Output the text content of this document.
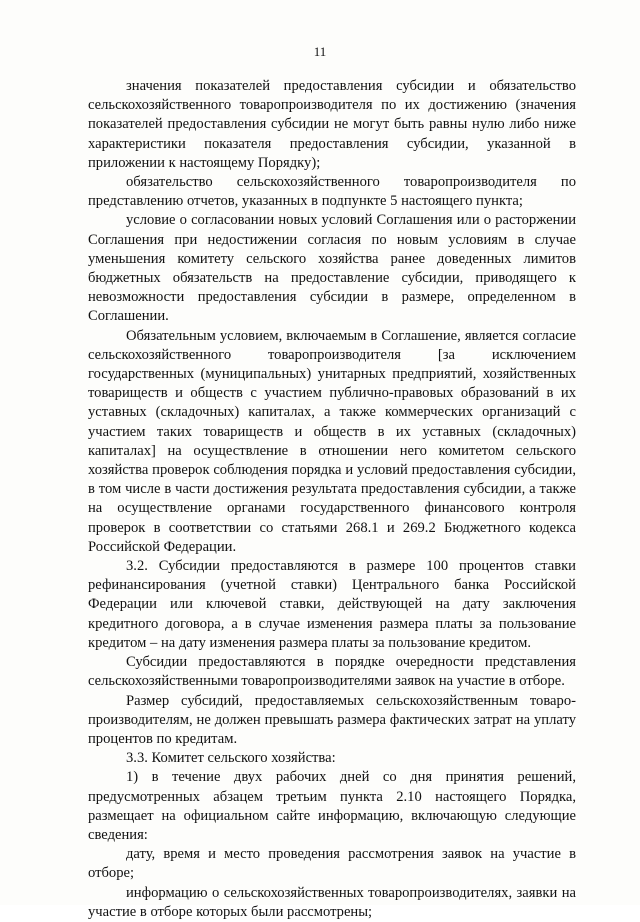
11

значения показателей предоставления субсидии и обязательство сельскохозяйственного товаропроизводителя по их достижению (значения показателей предоставления субсидии не могут быть равны нулю либо ниже характеристики показателя предоставления субсидии, указанной в приложении к настоящему Порядку);

обязательство сельскохозяйственного товаропроизводителя по представлению отчетов, указанных в подпункте 5 настоящего пункта;

условие о согласовании новых условий Соглашения или о расторжении Соглашения при недостижении согласия по новым условиям в случае уменьшения комитету сельского хозяйства ранее доведенных лимитов бюджетных обязательств на предоставление субсидии, приводящего к невозможности предоставления субсидии в размере, определенном в Соглашении.

Обязательным условием, включаемым в Соглашение, является согласие сельскохозяйственного товаропроизводителя [за исключением государственных (муниципальных) унитарных предприятий, хозяйственных товариществ и обществ с участием публично-правовых образований в их уставных (складочных) капиталах, а также коммерческих организаций с участием таких товариществ и обществ в их уставных (складочных) капиталах] на осуществление в отношении него комитетом сельского хозяйства проверок соблюдения порядка и условий предоставления субсидии, в том числе в части достижения результата предоставления субсидии, а также на осуществление органами государственного финансового контроля проверок в соответствии со статьями 268.1 и 269.2 Бюджетного кодекса Российской Федерации.

3.2. Субсидии предоставляются в размере 100 процентов ставки рефинансирования (учетной ставки) Центрального банка Российской Федерации или ключевой ставки, действующей на дату заключения кредитного договора, а в случае изменения размера платы за пользование кредитом – на дату изменения размера платы за пользование кредитом.

Субсидии предоставляются в порядке очередности представления сельскохозяйственными товаропроизводителями заявок на участие в отборе.

Размер субсидий, предоставляемых сельскохозяйственным товаро-производителям, не должен превышать размера фактических затрат на уплату процентов по кредитам.

3.3. Комитет сельского хозяйства:

1) в течение двух рабочих дней со дня принятия решений, предусмотренных абзацем третьим пункта 2.10 настоящего Порядка, размещает на официальном сайте информацию, включающую следующие сведения:

дату, время и место проведения рассмотрения заявок на участие в отборе;

информацию о сельскохозяйственных товаропроизводителях, заявки на участие в отборе которых были рассмотрены;
